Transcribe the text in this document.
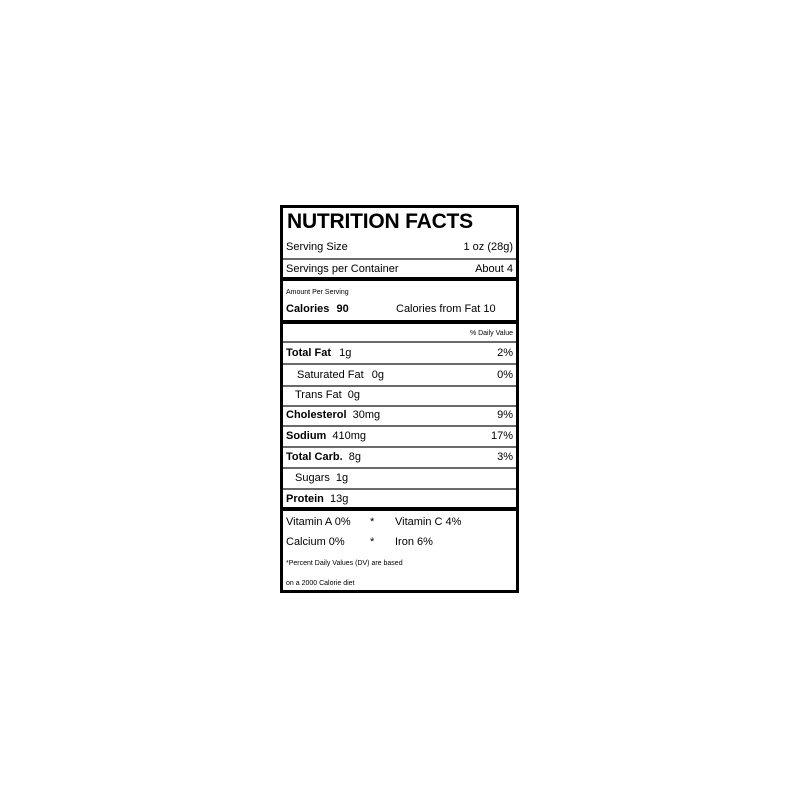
NUTRITION FACTS
Serving Size	1 oz (28g)
Servings per Container	About 4
Amount Per Serving
Calories 90	Calories from Fat 10
% Daily Value
Total Fat 1g	2%
Saturated Fat 0g	0%
Trans Fat 0g
Cholesterol 30mg	9%
Sodium 410mg	17%
Total Carb. 8g	3%
Sugars 1g
Protein 13g
Vitamin A 0% * Vitamin C 4%
Calcium 0% * Iron 6%
*Percent Daily Values (DV) are based
on a 2000 Calorie diet
